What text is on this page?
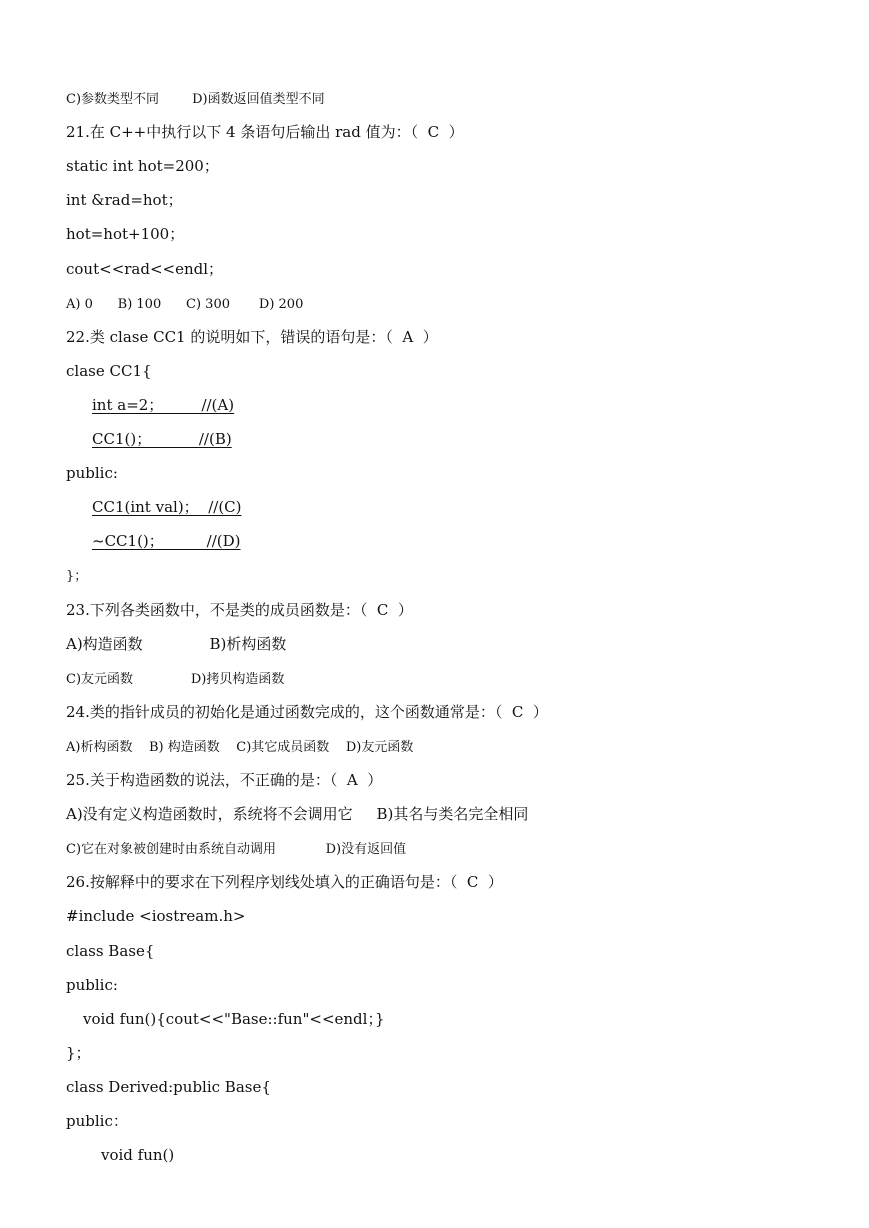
C)参数类型不同        D)函数返回值类型不同
21.在 C++中执行以下 4 条语句后输出 rad 值为：（  C  ）
static int hot=200；
int &rad=hot；
hot=hot+100；
cout<<rad<<endl；
A) 0      B) 100      C) 300       D) 200
22.类 clase CC1 的说明如下，错误的语句是：（  A  ）
clase CC1{
int a=2；        //(A)
CC1()；          //(B)
public:
CC1(int val)；  //(C)
~CC1()；         //(D)
}；
23.下列各类函数中，不是类的成员函数是：（  C  ）
A)构造函数              B)析构函数
C)友元函数              D)拷贝构造函数
24.类的指针成员的初始化是通过函数完成的，这个函数通常是：（  C  ）
A)析构函数    B) 构造函数    C)其它成员函数    D)友元函数
25.关于构造函数的说法，不正确的是：（  A  ）
A)没有定义构造函数时，系统将不会调用它     B)其名与类名完全相同
C)它在对象被创建时由系统自动调用            D)没有返回值
26.按解释中的要求在下列程序划线处填入的正确语句是：（  C  ）
#include <iostream.h>
class Base{
public:
void fun(){cout<<"Base::fun"<<endl；}
}；
class Derived:public Base{
public：
void fun()
